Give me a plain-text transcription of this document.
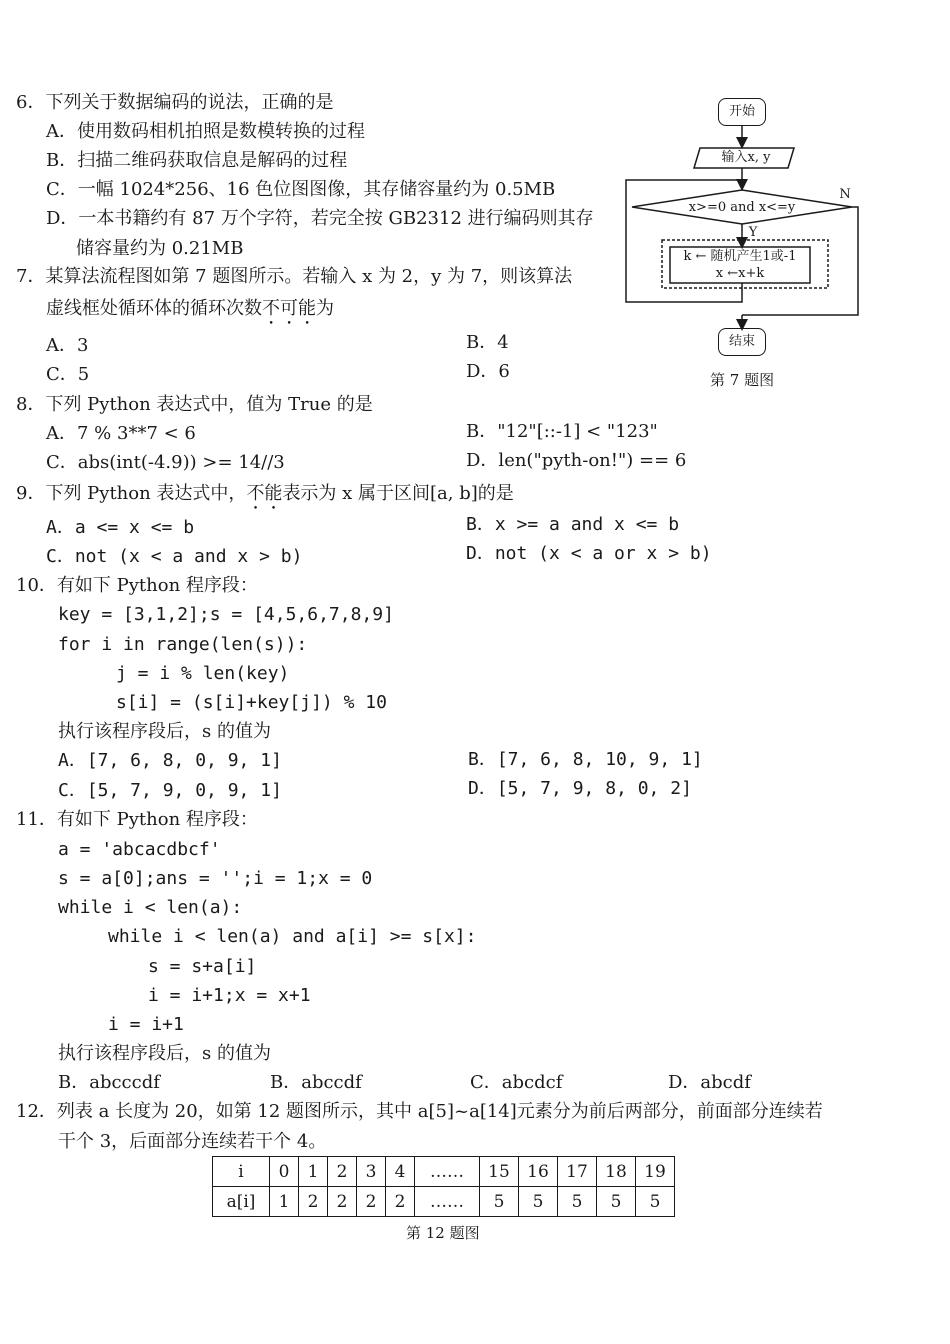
6．下列关于数据编码的说法，正确的是
A．使用数码相机拍照是数模转换的过程
B．扫描二维码获取信息是解码的过程
C．一幅 1024*256、16 色位图图像，其存储容量约为 0.5MB
D．一本书籍约有 87 万个字符，若完全按 GB2312 进行编码则其存
储容量约为 0.21MB
7．某算法流程图如第 7 题图所示。若输入 x 为 2，y 为 7，则该算法
虚线框处循环体的循环次数不可能为
A．3	B．4
C．5	D．6
开始
输入x, y
x>=0 and x<=y
N
Y
k ← 随机产生1或-1
x ←x+k
结束
第 7 题图
8．下列 Python 表达式中，值为 True 的是
A．7 % 3**7 < 6	B．"12"[::-1] < "123"
C．abs(int(-4.9)) >= 14//3	D．len("pyth-on!") == 6
9．下列 Python 表达式中，不能表示为 x 属于区间[a, b]的是
A．a <= x <= b	B．x >= a and x <= b
C．not (x < a and x > b)	D．not (x < a or x > b)
10．有如下 Python 程序段：
key = [3,1,2];s = [4,5,6,7,8,9]
for i in range(len(s)):
j = i % len(key)
s[i] = (s[i]+key[j]) % 10
执行该程序段后，s 的值为
A．[7, 6, 8, 0, 9, 1]	B．[7, 6, 8, 10, 9, 1]
C．[5, 7, 9, 0, 9, 1]	D．[5, 7, 9, 8, 0, 2]
11．有如下 Python 程序段：
a = 'abcacdbcf'
s = a[0];ans = '';i = 1;x = 0
while i < len(a):
while i < len(a) and a[i] >= s[x]:
s = s+a[i]
i = i+1;x = x+1
i = i+1
执行该程序段后，s 的值为
B．abcccdf	B．abccdf	C．abcdcf	D．abcdf
12．列表 a 长度为 20，如第 12 题图所示，其中 a[5]~a[14]元素分为前后两部分，前面部分连续若
干个 3，后面部分连续若干个 4。
i	0	1	2	3	4	……	15	16	17	18	19
a[i]	1	2	2	2	2	……	5	5	5	5	5
第 12 题图
